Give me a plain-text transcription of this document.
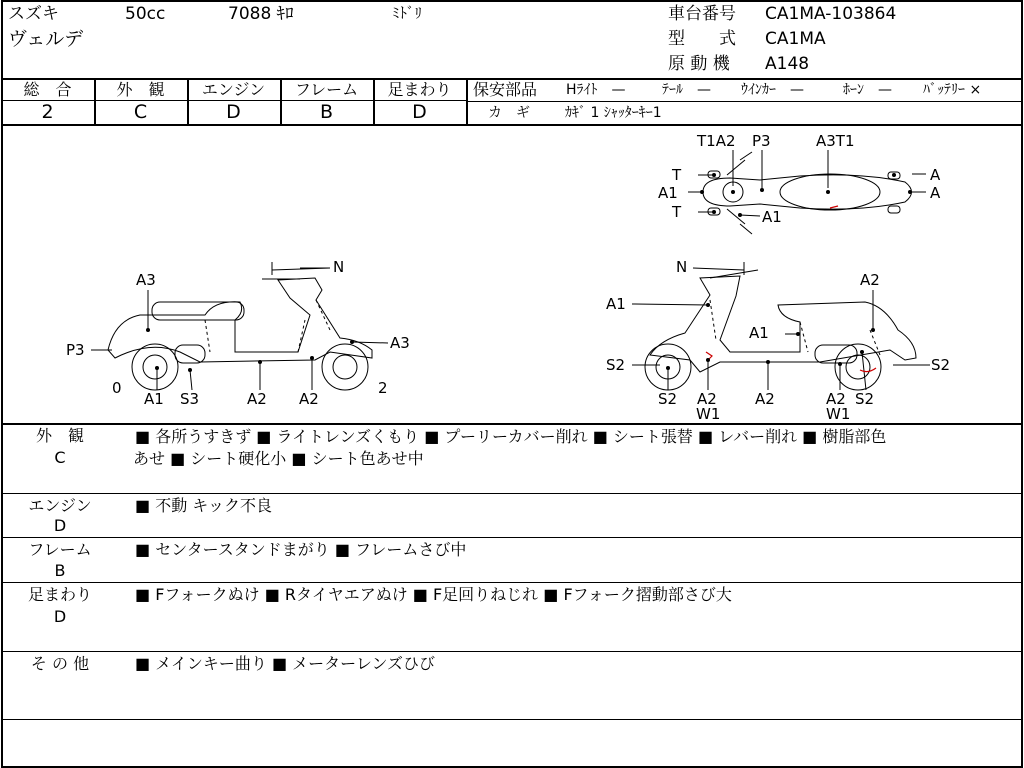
スズキ	50cc	7088 ｷﾛ	ﾐﾄﾞﾘ
ヴェルデ
車台番号 CA1MA-103864
型　　式 CA1MA
原 動 機 A148
総　合
2
外　観
C
エンジン
D
フレーム
B
足まわり
D
保安部品 Hﾗｲﾄ　—	ﾃｰﾙ　— ｳｲﾝｶｰ　—	ﾎｰﾝ　— ﾊﾞｯﾃﾘｰ ×
カ　ギ	ｶｷﾞ 1 ｼｬｯﾀｰｷｰ1
T1A2 P3	A3T1
T
A1
T	A1
A
A
N
A3
P3	A3
0
A1 S3	A2 A2
2
N
A1
A2
A1
S2	S2
S2 A2
W1
A2	A2
W1
S2
外　観
C
■ 各所うすきず ■ ライトレンズくもり ■ プーリーカバー削れ ■ シート張替 ■ レバー削れ ■ 樹脂部色
あせ ■ シート硬化小 ■ シート色あせ中
エンジン
D
■ 不動 キック不良
フレーム
B
■ センタースタンドまがり ■ フレームさび中
足まわり
D
■ Fフォークぬけ ■ Rタイヤエアぬけ ■ F足回りねじれ ■ Fフォーク摺動部さび大
そ の 他	■ メインキー曲り ■ メーターレンズひび
